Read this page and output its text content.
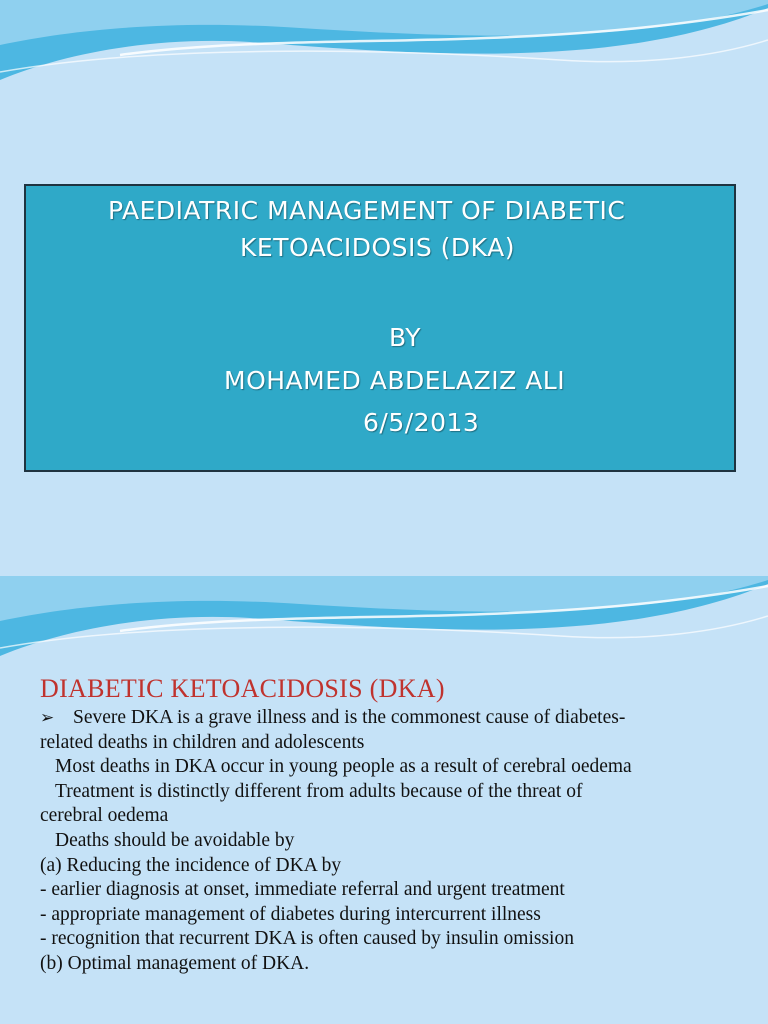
PAEDIATRIC MANAGEMENT OF DIABETIC
KETOACIDOSIS (DKA)
BY
MOHAMED ABDELAZIZ ALI
6/5/2013
DIABETIC KETOACIDOSIS (DKA)
➢ Severe DKA is a grave illness and is the commonest cause of diabetes-
related deaths in children and adolescents
Most deaths in DKA occur in young people as a result of cerebral oedema
Treatment is distinctly different from adults because of the threat of
cerebral oedema
Deaths should be avoidable by
(a) Reducing the incidence of DKA by
- earlier diagnosis at onset, immediate referral and urgent treatment
- appropriate management of diabetes during intercurrent illness
- recognition that recurrent DKA is often caused by insulin omission
(b) Optimal management of DKA.
